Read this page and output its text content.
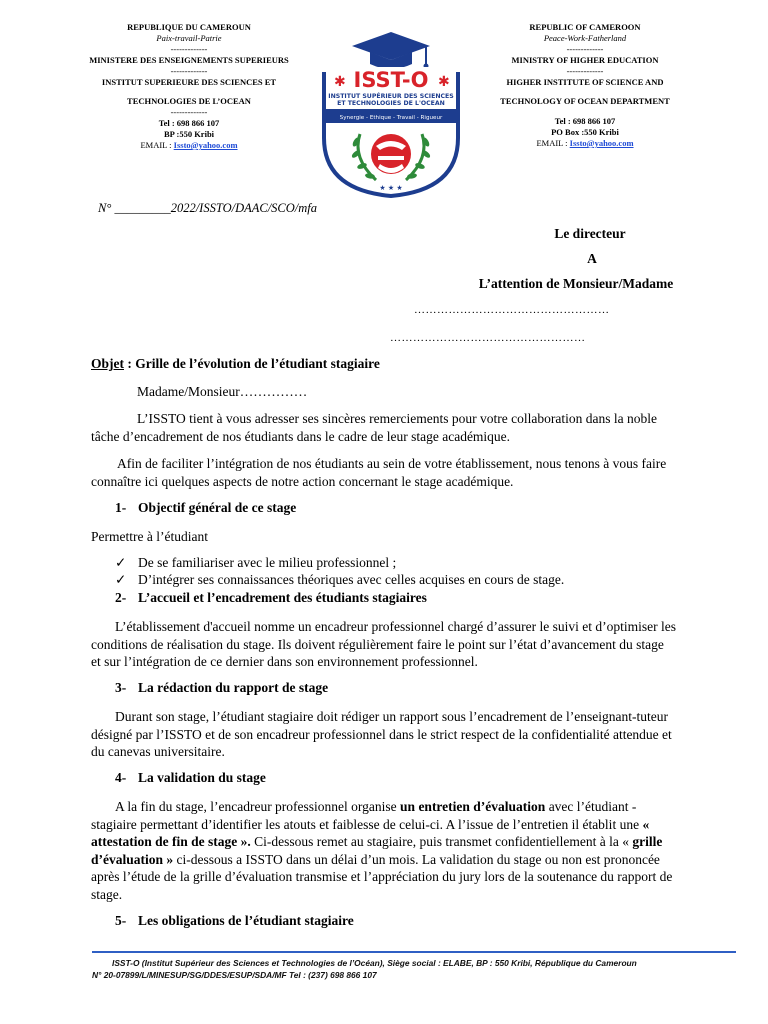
REPUBLIQUE DU CAMEROUN
Paix-travail-Patrie
-------------
MINISTERE DES ENSEIGNEMENTS SUPERIEURS
-------------
INSTITUT SUPERIEURE DES SCIENCES ET
TECHNOLOGIES DE L’OCEAN
-------------
Tel : 698 866 107
BP :550 Kribi
EMAIL : Issto@yahoo.com
ISST-O
✱	✱
INSTITUT SUPÉRIEUR DES SCIENCES
ET TECHNOLOGIES DE L'OCEAN
Synergie - Ethique - Travail - Rigueur
★ ★ ★
REPUBLIC OF CAMEROON
Peace-Work-Fatherland
-------------
MINISTRY OF HIGHER EDUCATION
-------------
HIGHER INSTITUTE OF SCIENCE AND
TECHNOLOGY OF OCEAN DEPARTMENT
Tel : 698 866 107
PO Box :550 Kribi
EMAIL : Issto@yahoo.com
N° _________2022/ISSTO/DAAC/SCO/mfa
Le directeur
A
L’attention de Monsieur/Madame
……………………………………………
……………………………………………
Objet : Grille de l’évolution de l’étudiant stagiaire
Madame/Monsieur……………
L’ISSTO tient à vous adresser ses sincères remerciements pour votre collaboration dans la noble tâche d’encadrement de nos étudiants dans le cadre de leur stage académique.
Afin de faciliter l’intégration de nos étudiants au sein de votre établissement, nous tenons à vous faire connaître ici quelques aspects de notre action concernant le stage académique.
1- Objectif général de ce stage
Permettre à l’étudiant
✓ De se familiariser avec le milieu professionnel ;
✓ D’intégrer ses connaissances théoriques avec celles acquises en cours de stage.
2- L’accueil et l’encadrement des étudiants stagiaires
L’établissement d'accueil nomme un encadreur professionnel chargé d’assurer le suivi et d’optimiser les conditions de réalisation du stage. Ils doivent régulièrement faire le point sur l’état d’avancement du stage et sur l’intégration de ce dernier dans son environnement professionnel.
3- La rédaction du rapport de stage
Durant son stage, l’étudiant stagiaire doit rédiger un rapport sous l’encadrement de l’enseignant-tuteur désigné par l’ISSTO et de son encadreur professionnel dans le strict respect de la confidentialité attendue et du canevas universitaire.
4- La validation du stage
A la fin du stage, l’encadreur professionnel organise un entretien d’évaluation avec l’étudiant -stagiaire permettant d’identifier les atouts et faiblesse de celui-ci. A l’issue de l’entretien il établit une « attestation de fin de stage ». Ci-dessous remet au stagiaire, puis transmet confidentiellement à la « grille d’évaluation » ci-dessous a ISSTO dans un délai d’un mois. La validation du stage ou non est prononcée après l’étude de la grille d’évaluation transmise et l’appréciation du jury lors de la soutenance du rapport de stage.
5- Les obligations de l’étudiant stagiaire
ISST-O (Institut Supérieur des Sciences et Technologies de l’Océan), Siège social : ELABE, BP : 550 Kribi, République du Cameroun
N° 20-07899/L/MINESUP/SG/DDES/ESUP/SDA/MF Tel : (237) 698 866 107
